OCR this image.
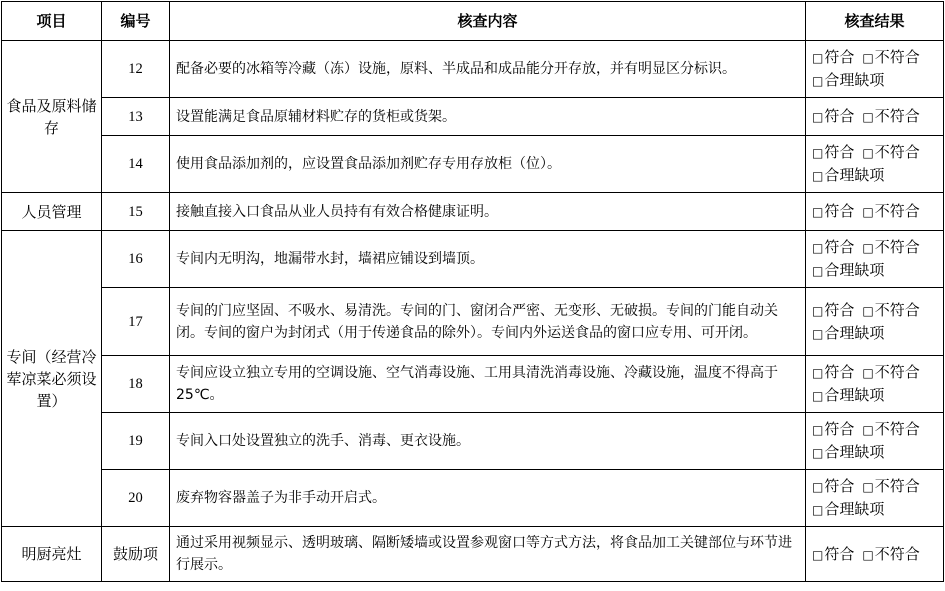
项目	编号	核查内容	核查结果
食品及原料储存	12	配备必要的冰箱等冷藏（冻）设施，原料、半成品和成品能分开存放，并有明显区分标识。	□符合 □不符合
□合理缺项
	13	设置能满足食品原辅材料贮存的货柜或货架。	□符合 □不符合
	14	使用食品添加剂的，应设置食品添加剂贮存专用存放柜（位）。	□符合 □不符合
□合理缺项
人员管理	15	接触直接入口食品从业人员持有有效合格健康证明。	□符合 □不符合
专间（经营冷荤凉菜必须设置）	16	专间内无明沟，地漏带水封，墙裙应铺设到墙顶。	□符合 □不符合
□合理缺项
	17	专间的门应坚固、不吸水、易清洗。专间的门、窗闭合严密、无变形、无破损。专间的门能自动关闭。专间的窗户为封闭式（用于传递食品的除外）。专间内外运送食品的窗口应专用、可开闭。	□符合 □不符合
□合理缺项
	18	专间应设立独立专用的空调设施、空气消毒设施、工用具清洗消毒设施、冷藏设施，温度不得高于 25℃。	□符合 □不符合
□合理缺项
	19	专间入口处设置独立的洗手、消毒、更衣设施。	□符合 □不符合
□合理缺项
	20	废弃物容器盖子为非手动开启式。	□符合 □不符合
□合理缺项
明厨亮灶	鼓励项	通过采用视频显示、透明玻璃、隔断矮墙或设置参观窗口等方式方法，将食品加工关键部位与环节进行展示。	□符合 □不符合
